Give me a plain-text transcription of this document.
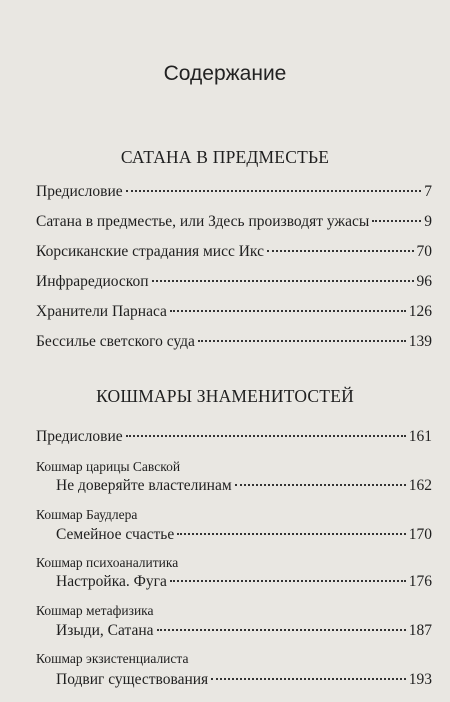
Содержание
САТАНА В ПРЕДМЕСТЬЕ
Предисловие	7
Сатана в предместье, или Здесь производят ужасы	9
Корсиканские страдания мисс Икс	70
Инфраредиоскоп	96
Хранители Парнаса	126
Бессилье светского суда	139
КОШМАРЫ ЗНАМЕНИТОСТЕЙ
Предисловие	161
Кошмар царицы Савской
Не доверяйте властелинам	162
Кошмар Баудлера
Семейное счастье	170
Кошмар психоаналитика
Настройка. Фуга	176
Кошмар метафизика
Изыди, Сатана	187
Кошмар экзистенциалиста
Подвиг существования	193
